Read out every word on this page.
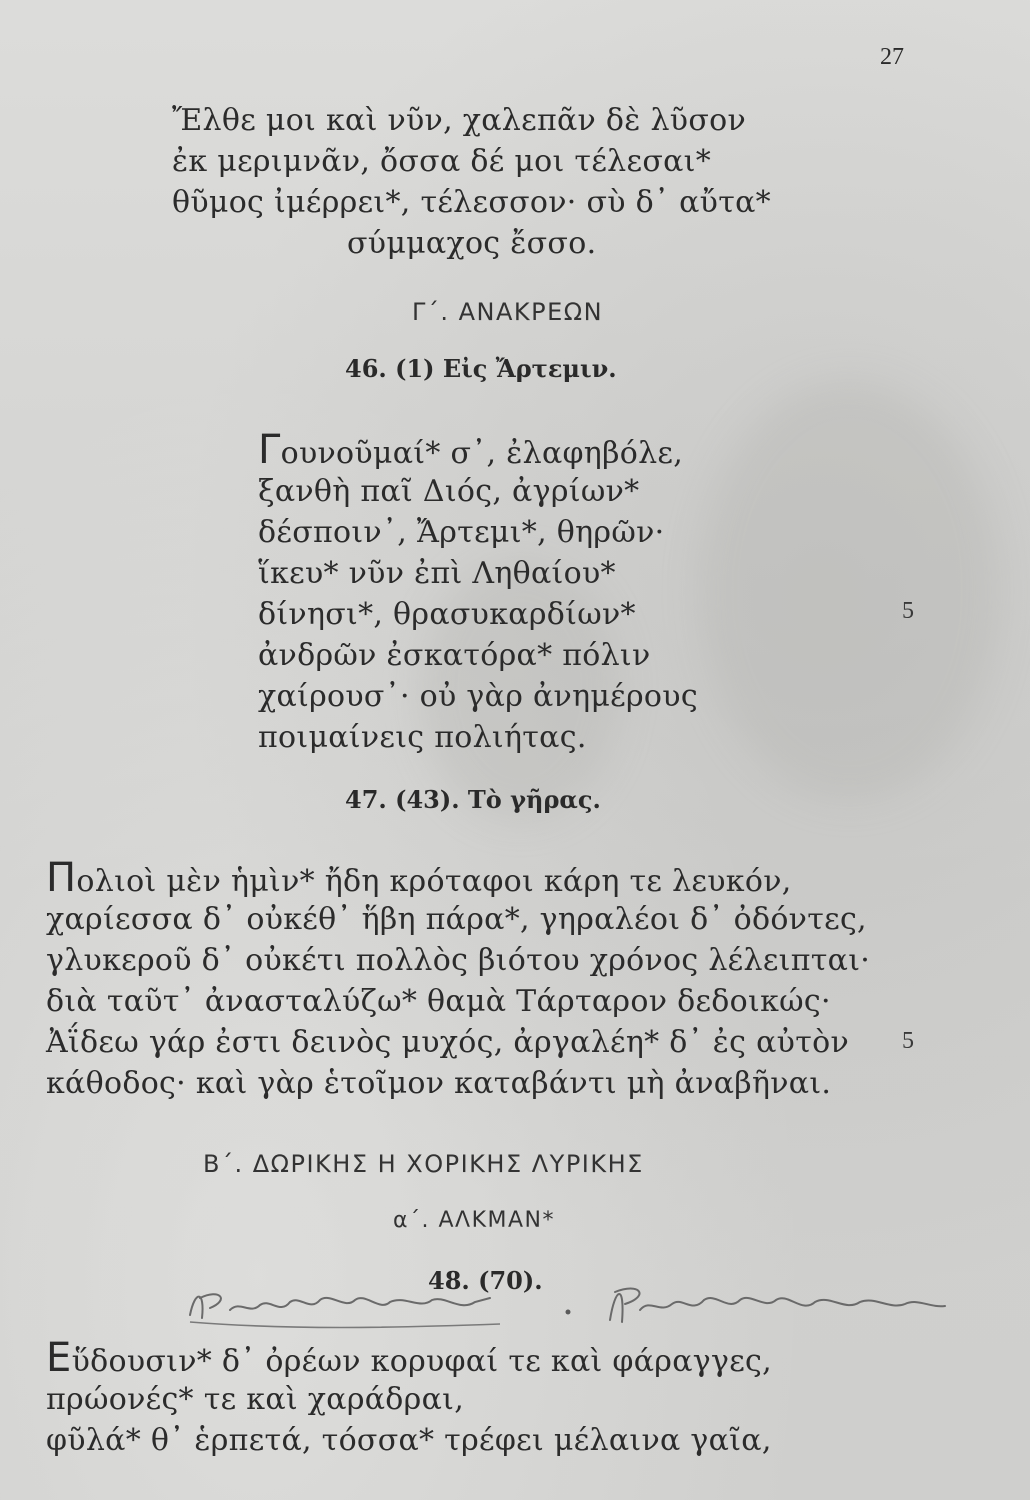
27
Ἔλθε μοι καὶ νῦν, χαλεπᾶν δὲ λῦσον
ἐκ μεριμνᾶν, ὄσσα δέ μοι τέλεσαι*
θῦμος ἰμέρρει*, τέλεσσον· σὺ δ᾽ αὔτα*
σύμμαχος ἔσσο.
Γ΄. ΑΝΑΚΡΕΩΝ
46. (1) Εἰς Ἄρτεμιν.
Γουνοῦμαί* σ᾽, ἐλαφηβόλε,
ξανθὴ παῖ Διός, ἀγρίων*
δέσποιν᾽, Ἄρτεμι*, θηρῶν·
ἵκευ* νῦν ἐπὶ Ληθαίου*
δίνησι*, θρασυκαρδίων*
ἀνδρῶν ἐσκατόρα* πόλιν
χαίρουσ᾽· οὐ γὰρ ἀνημέρους
ποιμαίνεις πολιήτας.
5
47. (43). Τὸ γῆρας.
Πολιοὶ μὲν ἡμὶν* ἤδη κρόταφοι κάρη τε λευκόν,
χαρίεσσα δ᾽ οὐκέθ᾽ ἥβη πάρα*, γηραλέοι δ᾽ ὀδόντες,
γλυκεροῦ δ᾽ οὐκέτι πολλὸς βιότου χρόνος λέλειπται·
διὰ ταῦτ᾽ ἀνασταλύζω* θαμὰ Τάρταρον δεδοικώς·
Ἀΐδεω γάρ ἐστι δεινὸς μυχός, ἀργαλέη* δ᾽ ἐς αὐτὸν
κάθοδος· καὶ γὰρ ἑτοῖμον καταβάντι μὴ ἀναβῆναι.
5
Β΄. ΔΩΡΙΚΗΣ Η ΧΟΡΙΚΗΣ ΛΥΡΙΚΗΣ
α΄. ΑΛΚΜΑΝ*
48. (70).
Εὕδουσιν* δ᾽ ὀρέων κορυφαί τε καὶ φάραγγες,
πρώονές* τε καὶ χαράδραι,
φῦλά* θ᾽ ἑρπετά, τόσσα* τρέφει μέλαινα γαῖα,
